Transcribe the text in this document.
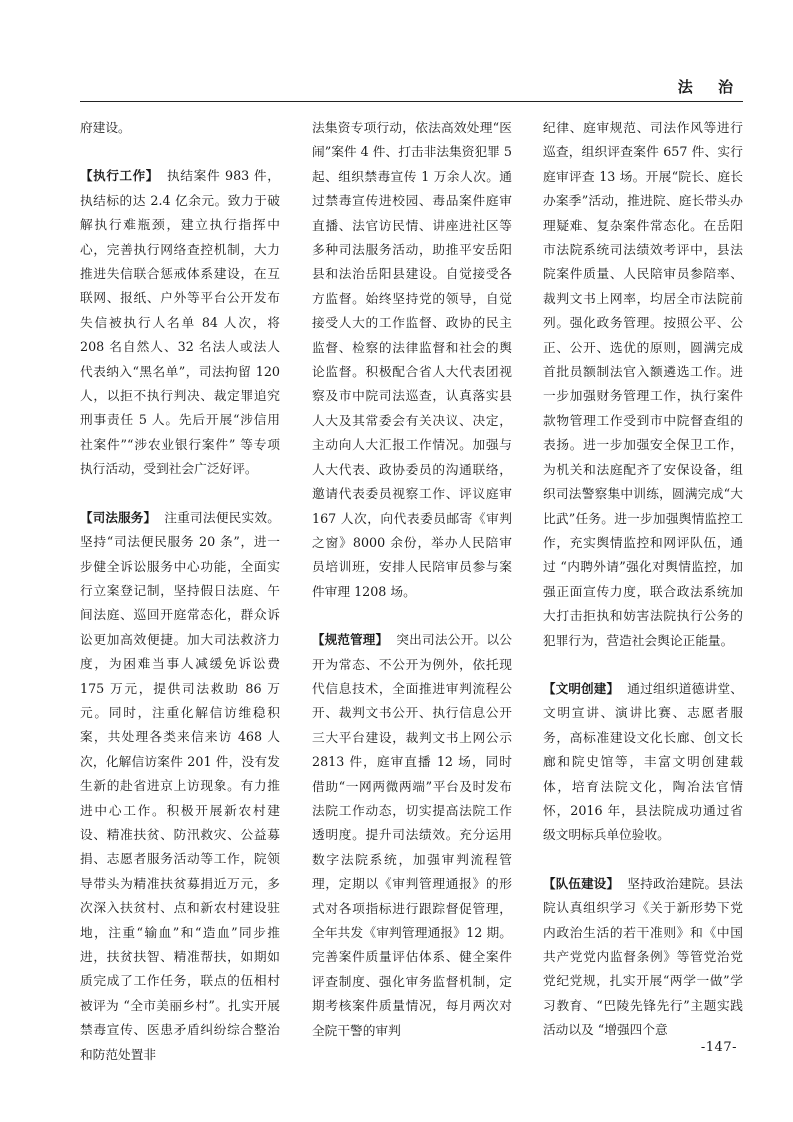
法 治

府建设。

【执行工作】 执结案件 983 件，执结标的达 2.4 亿余元。致力于破解执行难瓶颈，建立执行指挥中心，完善执行网络查控机制，大力推进失信联合惩戒体系建设，在互联网、报纸、户外等平台公开发布失信被执行人名单 84 人次，将 208 名自然人、32 名法人或法人代表纳入“黑名单”，司法拘留 120 人，以拒不执行判决、裁定罪追究刑事责任 5 人。先后开展“涉信用社案件”“涉农业银行案件” 等专项执行活动，受到社会广泛好评。

【司法服务】 注重司法便民实效。坚持“司法便民服务 20 条”，进一步健全诉讼服务中心功能，全面实行立案登记制，坚持假日法庭、午间法庭、巡回开庭常态化，群众诉讼更加高效便捷。加大司法救济力度，为困难当事人减缓免诉讼费 175 万元，提供司法救助 86 万元。同时，注重化解信访维稳积案，共处理各类来信来访 468 人次，化解信访案件 201 件，没有发生新的赴省进京上访现象。有力推进中心工作。积极开展新农村建设、精准扶贫、防汛救灾、公益募捐、志愿者服务活动等工作，院领导带头为精准扶贫募捐近万元，多次深入扶贫村、点和新农村建设驻地，注重“输血”和“造血”同步推进，扶贫扶智、精准帮扶，如期如质完成了工作任务，联点的伍相村被评为 “全市美丽乡村”。扎实开展禁毒宣传、医患矛盾纠纷综合整治和防范处置非

法集资专项行动，依法高效处理“医闹”案件 4 件、打击非法集资犯罪 5 起、组织禁毒宣传 1 万余人次。通过禁毒宣传进校园、毒品案件庭审直播、法官访民情、讲座进社区等多种司法服务活动，助推平安岳阳县和法治岳阳县建设。自觉接受各方监督。始终坚持党的领导，自觉接受人大的工作监督、政协的民主监督、检察的法律监督和社会的舆论监督。积极配合省人大代表团视察及市中院司法巡查，认真落实县人大及其常委会有关决议、决定，主动向人大汇报工作情况。加强与人大代表、政协委员的沟通联络，邀请代表委员视察工作、评议庭审 167 人次，向代表委员邮寄《审判之窗》8000 余份，举办人民陪审员培训班，安排人民陪审员参与案件审理 1208 场。

【规范管理】 突出司法公开。以公开为常态、不公开为例外，依托现代信息技术，全面推进审判流程公开、裁判文书公开、执行信息公开三大平台建设，裁判文书上网公示 2813 件，庭审直播 12 场，同时借助“一网两微两端”平台及时发布法院工作动态，切实提高法院工作透明度。提升司法绩效。充分运用数字法院系统，加强审判流程管理，定期以《审判管理通报》的形式对各项指标进行跟踪督促管理，全年共发《审判管理通报》12 期。完善案件质量评估体系、健全案件评查制度、强化审务监督机制，定期考核案件质量情况，每月两次对全院干警的审判

纪律、庭审规范、司法作风等进行巡查，组织评查案件 657 件、实行庭审评查 13 场。开展“院长、庭长办案季”活动，推进院、庭长带头办理疑难、复杂案件常态化。在岳阳市法院系统司法绩效考评中，县法院案件质量、人民陪审员参陪率、裁判文书上网率，均居全市法院前列。强化政务管理。按照公平、公正、公开、选优的原则，圆满完成首批员额制法官入额遴选工作。进一步加强财务管理工作，执行案件款物管理工作受到市中院督查组的表扬。进一步加强安全保卫工作，为机关和法庭配齐了安保设备，组织司法警察集中训练，圆满完成“大比武”任务。进一步加强舆情监控工作，充实舆情监控和网评队伍，通过 “内聘外请”强化对舆情监控，加强正面宣传力度，联合政法系统加大打击拒执和妨害法院执行公务的犯罪行为，营造社会舆论正能量。

【文明创建】 通过组织道德讲堂、文明宣讲、演讲比赛、志愿者服务，高标准建设文化长廊、创文长廊和院史馆等，丰富文明创建载体，培育法院文化，陶冶法官情怀，2016 年，县法院成功通过省级文明标兵单位验收。

【队伍建设】 坚持政治建院。县法院认真组织学习《关于新形势下党内政治生活的若干准则》和《中国共产党党内监督条例》等管党治党党纪党规，扎实开展“两学一做”学习教育、“巴陵先锋先行”主题实践活动以及 “增强四个意

-147-
